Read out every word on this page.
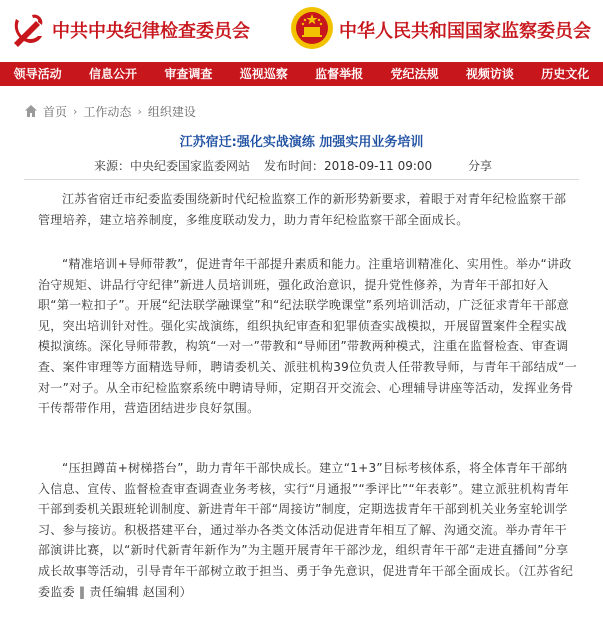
中共中央纪律检查委员会	中华人民共和国国家监察委员会
领导活动	信息公开	审查调查	巡视巡察	监督举报	党纪法规	视频访谈	历史文化
首页 › 工作动态 › 组织建设
江苏宿迁:强化实战演练 加强实用业务培训
来源：中央纪委国家监委网站 发布时间：2018-09-11 09:00	分享

江苏省宿迁市纪委监委围绕新时代纪检监察工作的新形势新要求，着眼于对青年纪检监察干部管理培养，建立培养制度，多维度联动发力，助力青年纪检监察干部全面成长。

“精准培训+导师带教”，促进青年干部提升素质和能力。注重培训精准化、实用性。举办“讲政治守规矩、讲品行守纪律”新进人员培训班，强化政治意识，提升党性修养，为青年干部扣好入职“第一粒扣子”。开展“纪法联学融课堂”和“纪法联学晚课堂”系列培训活动，广泛征求青年干部意见，突出培训针对性。强化实战演练，组织执纪审查和犯罪侦查实战模拟，开展留置案件全程实战模拟演练。深化导师带教，构筑“一对一”带教和“导师团”带教两种模式，注重在监督检查、审查调查、案件审理等方面精选导师，聘请委机关、派驻机构39位负责人任带教导师，与青年干部结成“一对一”对子。从全市纪检监察系统中聘请导师，定期召开交流会、心理辅导讲座等活动，发挥业务骨干传帮带作用，营造团结进步良好氛围。

“压担蹲苗+树梯搭台”，助力青年干部快成长。建立“1+3”目标考核体系，将全体青年干部纳入信息、宣传、监督检查审查调查业务考核，实行“月通报”“季评比”“年表彰”。建立派驻机构青年干部到委机关跟班轮训制度、新进青年干部“周接访”制度，定期选拔青年干部到机关业务室轮训学习、参与接访。积极搭建平台，通过举办各类文体活动促进青年相互了解、沟通交流。举办青年干部演讲比赛，以“新时代新青年新作为”为主题开展青年干部沙龙，组织青年干部“走进直播间”分享成长故事等活动，引导青年干部树立敢于担当、勇于争先意识，促进青年干部全面成长。（江苏省纪委监委 ‖ 责任编辑 赵国利）
